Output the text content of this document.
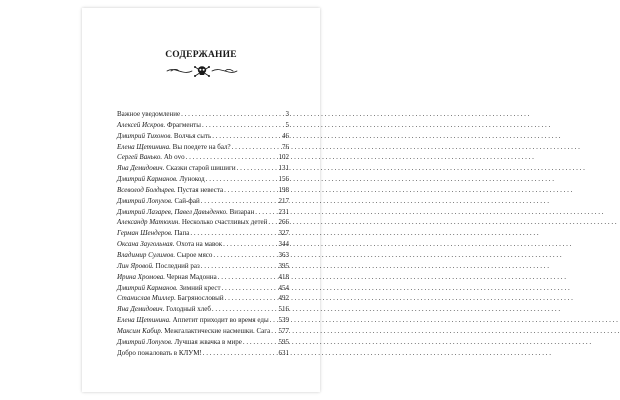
СОДЕРЖАНИЕ
Важное уведомление . . .	3
Алексей Искров. Фрагменты . . .	5
Дмитрий Тихонов. Волчья сыть . . .	46
Елена Щетинина. Вы поедете на бал? . . .	76
Сергей Ванько. Ab ovo . . .	102
Яна Демидович. Сказки старой шишиги . . .	131
Дмитрий Карманов. Лунокод . . .	156
Всеволод Болдырев. Пустая невеста . . .	198
Дмитрий Лопухов. Сай-фай . . .	217
Дмитрий Лазарев, Павел Давыденко. Визаран . . .	231
Александр Матюхин. Несколько счастливых детей . . . 266
Герман Шендеров. Папа . . .	327
Оксана Заугольная. Охота на мавок . . .	344
Владимир Сулимов. Сырое мясо . . .	363
Лин Яровой. Последний раз . . .	395
Ирина Хромова. Черная Мадонна . . .	418
Дмитрий Карманов. Зимний крест . . .	454
Станислав Миллер. Багрянословый . . .	492
Яна Демидович. Голодный хлеб . . .	516
Елена Щетинина. Аппетит приходит во время еды . . . 539
Максим Кабир. Межгалактические насмешки. Сага . . . 577
Дмитрий Лопухов. Лучшая жвачка в мире . . .	595
Добро пожаловать в КЛУМ! . . .	631
